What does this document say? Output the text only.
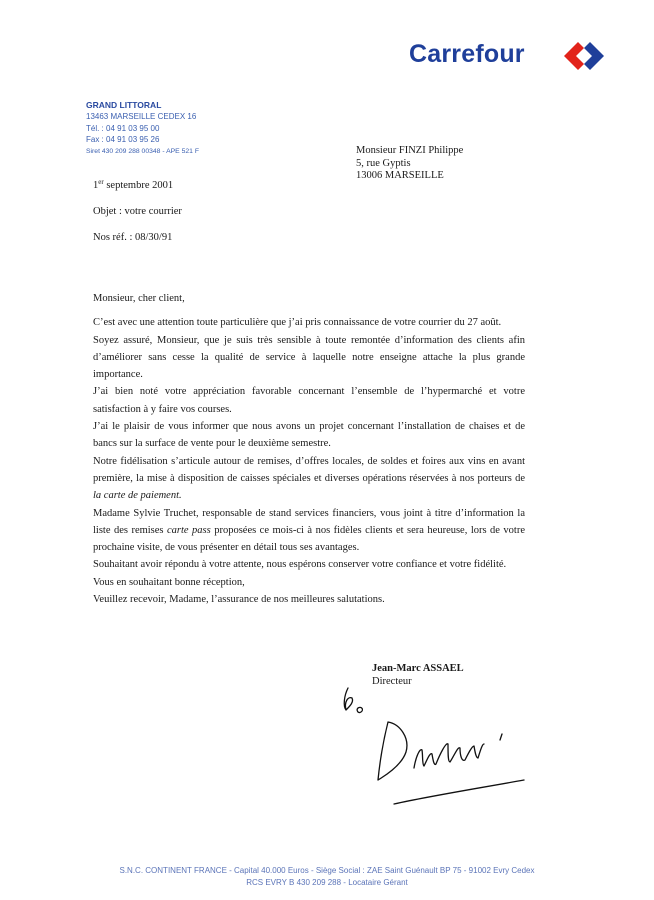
Carrefour
GRAND LITTORAL
13463 MARSEILLE CEDEX 16
Tél. : 04 91 03 95 00
Fax : 04 91 03 95 26
Siret 430 209 288 00348 - APE 521 F	Monsieur FINZI Philippe
5, rue Gyptis
13006 MARSEILLE
1er septembre 2001
Objet : votre courrier
Nos réf. : 08/30/91

Monsieur, cher client,

C’est avec une attention toute particulière que j’ai pris connaissance de votre courrier du 27 août.

Soyez assuré, Monsieur, que je suis très sensible à toute remontée d’information des clients afin d’améliorer sans cesse la qualité de service à laquelle notre enseigne attache la plus grande importance.

J’ai bien noté votre appréciation favorable concernant l’ensemble de l’hypermarché et votre satisfaction à y faire vos courses.

J’ai le plaisir de vous informer que nous avons un projet concernant l’installation de chaises et de bancs sur la surface de vente pour le deuxième semestre.

Notre fidélisation s’articule autour de remises, d’offres locales, de soldes et foires aux vins en avant première, la mise à disposition de caisses spéciales et diverses opérations réservées à nos porteurs de la carte de paiement.

Madame Sylvie Truchet, responsable de stand services financiers, vous joint à titre d’information la liste des remises carte pass proposées ce mois-ci à nos fidèles clients et sera heureuse, lors de votre prochaine visite, de vous présenter en détail tous ses avantages.

Souhaitant avoir répondu à votre attente, nous espérons conserver votre confiance et votre fidélité.

Vous en souhaitant bonne réception,

Veuillez recevoir, Madame, l’assurance de nos meilleures salutations.

Jean-Marc ASSAEL
Directeur
S.N.C. CONTINENT FRANCE - Capital 40.000 Euros - Siège Social : ZAE Saint Guénault BP 75 - 91002 Evry Cedex
RCS EVRY B 430 209 288 - Locataire Gérant
